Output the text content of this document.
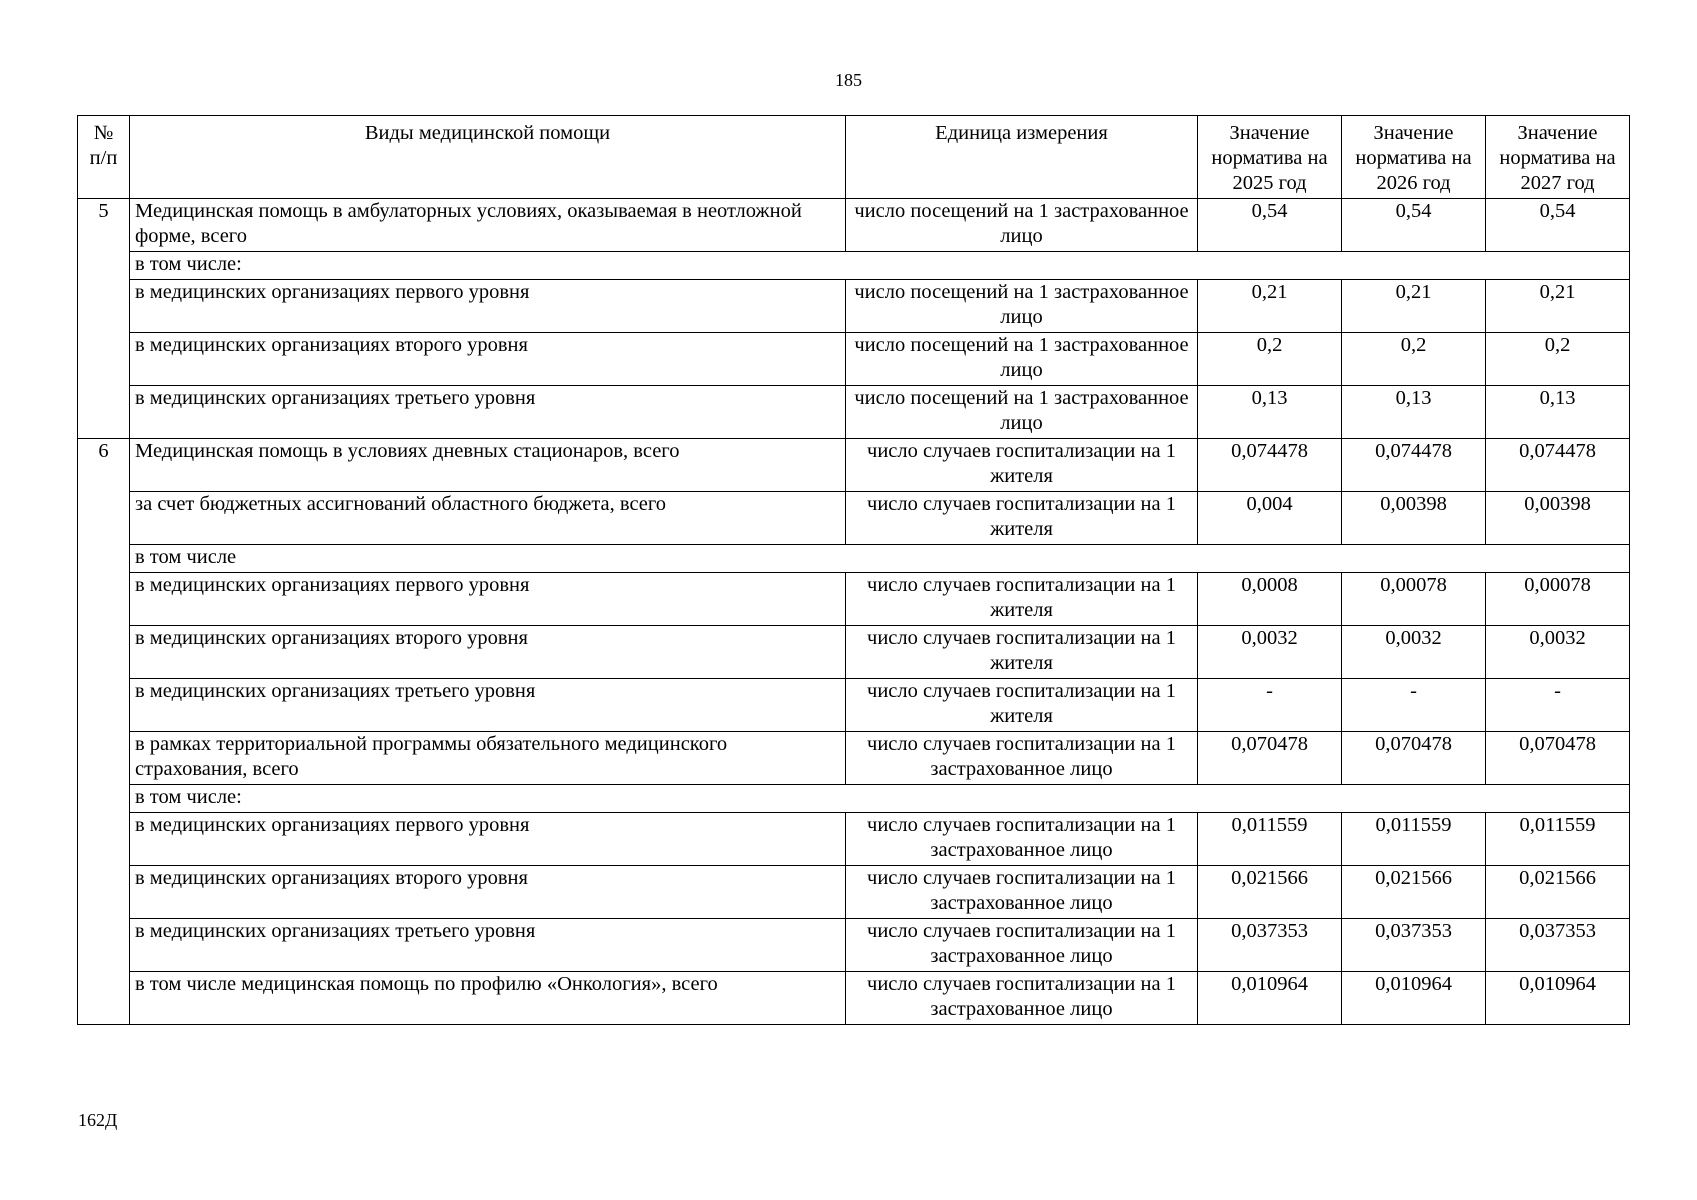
185
№ п/п	Виды медицинской помощи	Единица измерения	Значение норматива на 2025 год	Значение норматива на 2026 год	Значение норматива на 2027 год
5	Медицинская помощь в амбулаторных условиях, оказываемая в неотложной форме, всего	число посещений на 1 застрахованное лицо	0,54	0,54	0,54
	в том числе:				
	в медицинских организациях первого уровня	число посещений на 1 застрахованное лицо	0,21	0,21	0,21
	в медицинских организациях второго уровня	число посещений на 1 застрахованное лицо	0,2	0,2	0,2
	в медицинских организациях третьего уровня	число посещений на 1 застрахованное лицо	0,13	0,13	0,13
6	Медицинская помощь в условиях дневных стационаров, всего	число случаев госпитализации на 1 жителя	0,074478	0,074478	0,074478
	за счет бюджетных ассигнований областного бюджета, всего	число случаев госпитализации на 1 жителя	0,004	0,00398	0,00398
	в том числе				
	в медицинских организациях первого уровня	число случаев госпитализации на 1 жителя	0,0008	0,00078	0,00078
	в медицинских организациях второго уровня	число случаев госпитализации на 1 жителя	0,0032	0,0032	0,0032
	в медицинских организациях третьего уровня	число случаев госпитализации на 1 жителя	-	-	-
	в рамках территориальной программы обязательного медицинского страхования, всего	число случаев госпитализации на 1 застрахованное лицо	0,070478	0,070478	0,070478
	в том числе:				
	в медицинских организациях первого уровня	число случаев госпитализации на 1 застрахованное лицо	0,011559	0,011559	0,011559
	в медицинских организациях второго уровня	число случаев госпитализации на 1 застрахованное лицо	0,021566	0,021566	0,021566
	в медицинских организациях третьего уровня	число случаев госпитализации на 1 застрахованное лицо	0,037353	0,037353	0,037353
	в том числе медицинская помощь по профилю «Онкология», всего	число случаев госпитализации на 1 застрахованное лицо	0,010964	0,010964	0,010964
162Д
